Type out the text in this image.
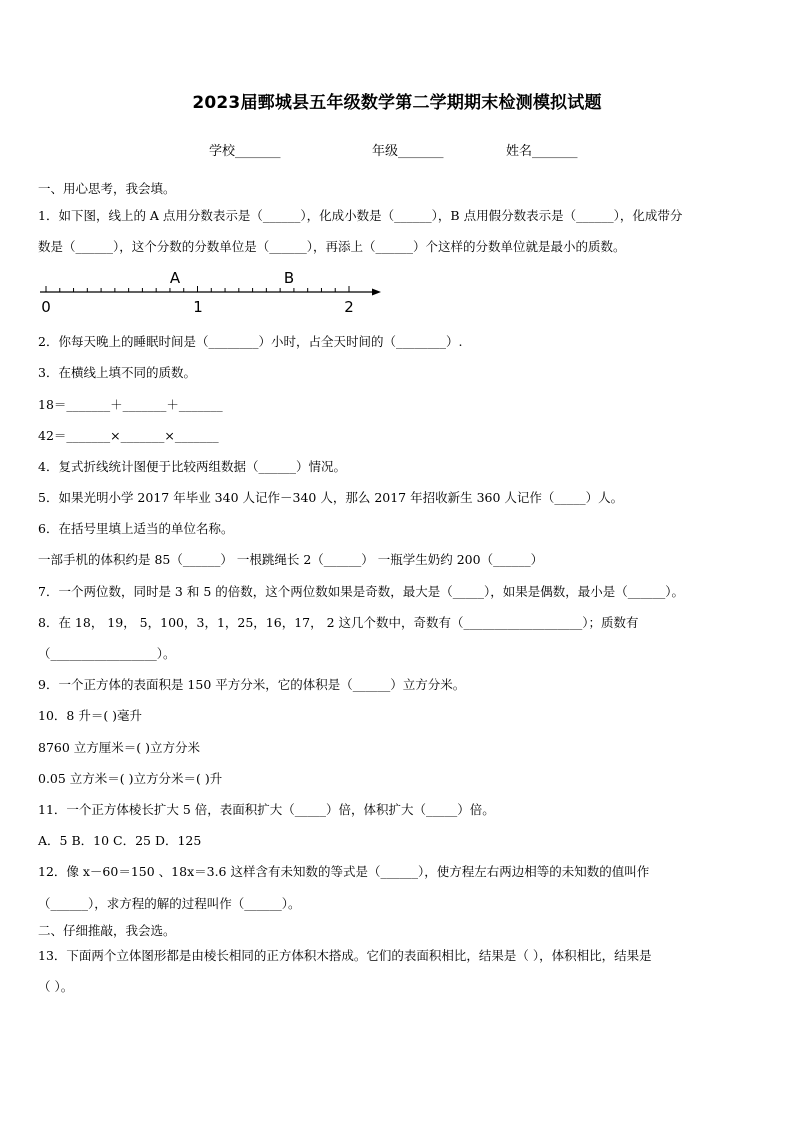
2023届鄄城县五年级数学第二学期期末检测模拟试题
学校_______	年级_______	姓名_______
一、用心思考，我会填。
1．如下图，线上的 A 点用分数表示是（______），化成小数是（______），B 点用假分数表示是（______），化成带分
数是（______），这个分数的分数单位是（______），再添上（______）个这样的分数单位就是最小的质数。
A	B
0	1	2
2．你每天晚上的睡眠时间是（________）小时，占全天时间的（________）.
3．在横线上填不同的质数。
18＝_______＋_______＋_______
42＝_______×_______×_______
4．复式折线统计图便于比较两组数据（______）情况。
5．如果光明小学 2017 年毕业 340 人记作－340 人，那么 2017 年招收新生 360 人记作（_____）人。
6．在括号里填上适当的单位名称。
一部手机的体积约是 85（______） 一根跳绳长 2（______） 一瓶学生奶约 200（______）
7．一个两位数，同时是 3 和 5 的倍数，这个两位数如果是奇数，最大是（_____），如果是偶数，最小是（______）。
8．在 18， 19， 5，100，3，1，25，16，17， 2 这几个数中，奇数有（___________________）；质数有
（_________________）。
9．一个正方体的表面积是 150 平方分米，它的体积是（______）立方分米。
10．8 升＝( )毫升
8760 立方厘米＝( )立方分米
0.05 立方米＝( )立方分米＝( )升
11．一个正方体棱长扩大 5 倍，表面积扩大（_____）倍，体积扩大（_____）倍。
A．5 B．10 C．25 D．125
12．像 x－60＝150 、18x＝3.6 这样含有未知数的等式是（______），使方程左右两边相等的未知数的值叫作
（______），求方程的解的过程叫作（______）。
二、仔细推敲，我会选。
13．下面两个立体图形都是由棱长相同的正方体积木搭成。它们的表面积相比，结果是（ ），体积相比，结果是
（ ）。
